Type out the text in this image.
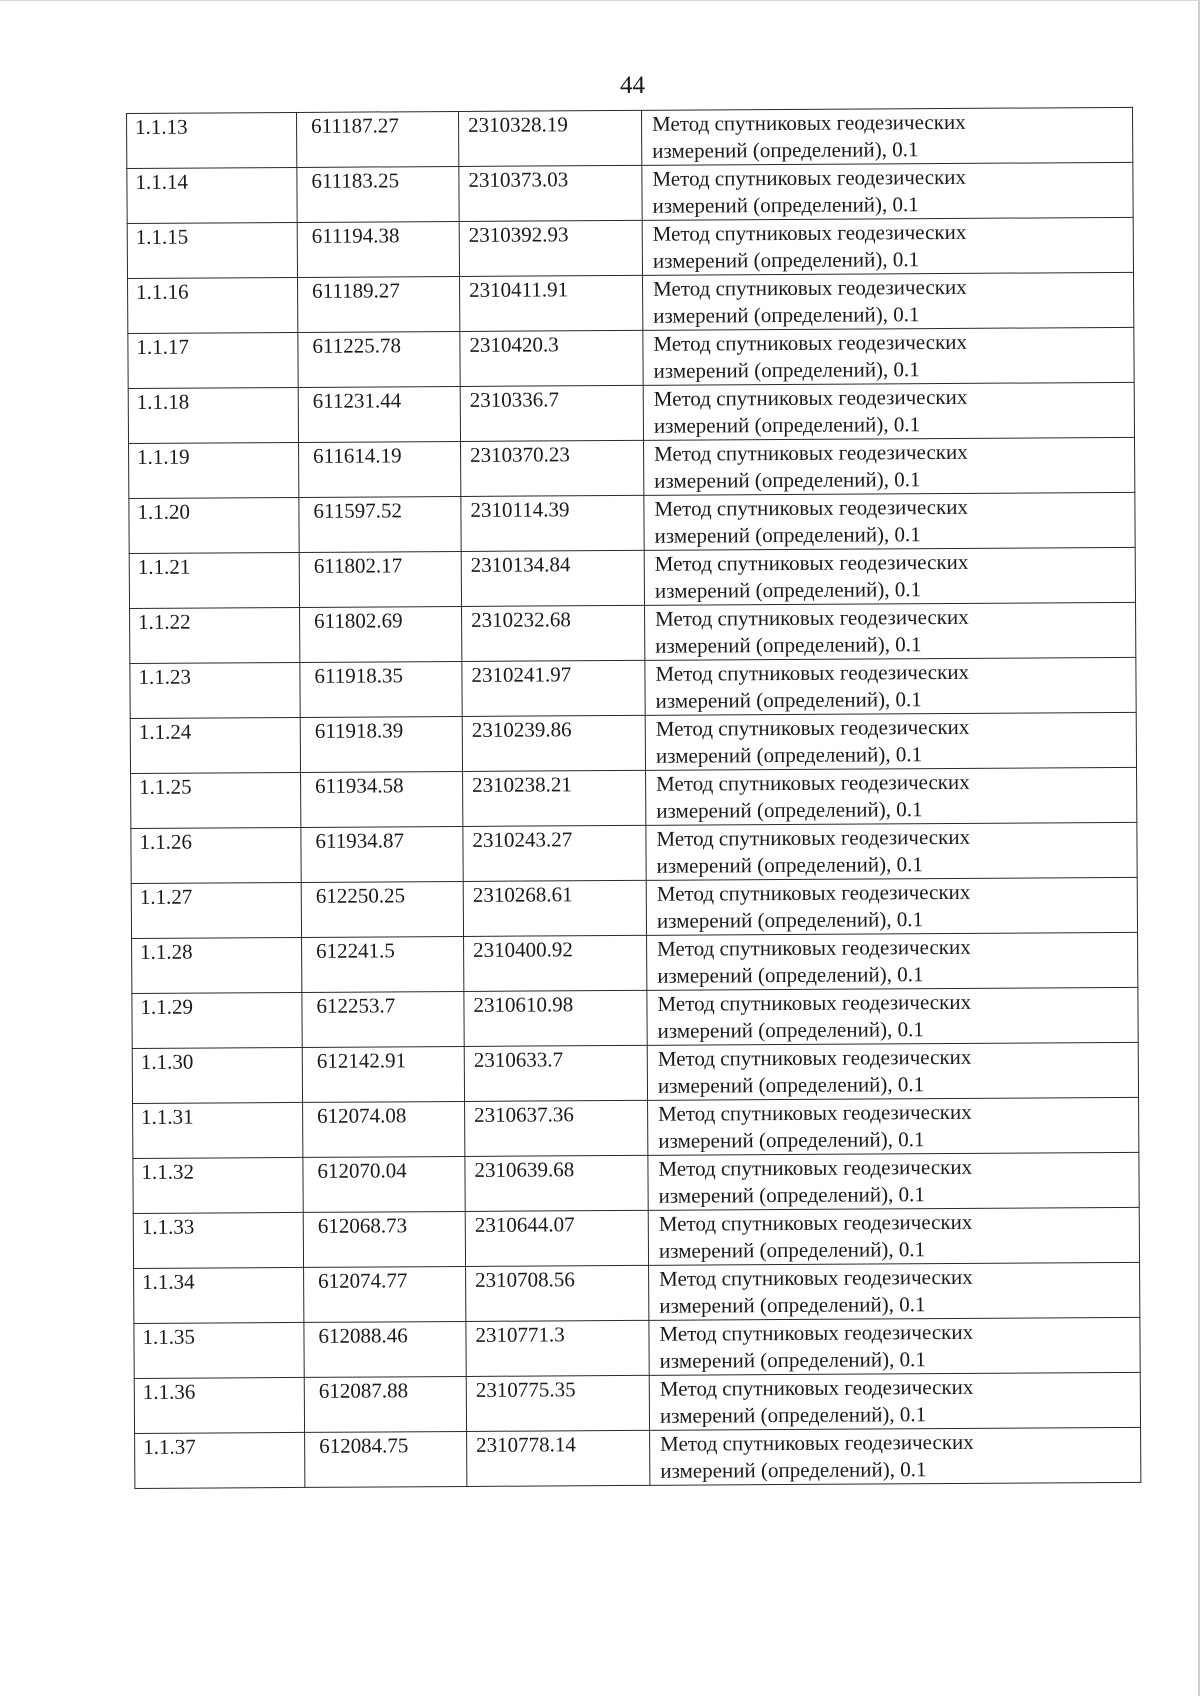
44
1.1.13	611187.27	2310328.19	Метод спутниковых геодезических
измерений (определений), 0.1

1.1.14	611183.25	2310373.03	Метод спутниковых геодезических
измерений (определений), 0.1

1.1.15	611194.38	2310392.93	Метод спутниковых геодезических
измерений (определений), 0.1

1.1.16	611189.27	2310411.91	Метод спутниковых геодезических
измерений (определений), 0.1

1.1.17	611225.78	2310420.3	Метод спутниковых геодезических
измерений (определений), 0.1

1.1.18	611231.44	2310336.7	Метод спутниковых геодезических
измерений (определений), 0.1

1.1.19	611614.19	2310370.23	Метод спутниковых геодезических
измерений (определений), 0.1

1.1.20	611597.52	2310114.39	Метод спутниковых геодезических
измерений (определений), 0.1

1.1.21	611802.17	2310134.84	Метод спутниковых геодезических
измерений (определений), 0.1

1.1.22	611802.69	2310232.68	Метод спутниковых геодезических
измерений (определений), 0.1

1.1.23	611918.35	2310241.97	Метод спутниковых геодезических
измерений (определений), 0.1

1.1.24	611918.39	2310239.86	Метод спутниковых геодезических
измерений (определений), 0.1

1.1.25	611934.58	2310238.21	Метод спутниковых геодезических
измерений (определений), 0.1

1.1.26	611934.87	2310243.27	Метод спутниковых геодезических
измерений (определений), 0.1

1.1.27	612250.25	2310268.61	Метод спутниковых геодезических
измерений (определений), 0.1

1.1.28	612241.5	2310400.92	Метод спутниковых геодезических
измерений (определений), 0.1

1.1.29	612253.7	2310610.98	Метод спутниковых геодезических
измерений (определений), 0.1

1.1.30	612142.91	2310633.7	Метод спутниковых геодезических
измерений (определений), 0.1

1.1.31	612074.08	2310637.36	Метод спутниковых геодезических
измерений (определений), 0.1

1.1.32	612070.04	2310639.68	Метод спутниковых геодезических
измерений (определений), 0.1

1.1.33	612068.73	2310644.07	Метод спутниковых геодезических
измерений (определений), 0.1

1.1.34	612074.77	2310708.56	Метод спутниковых геодезических
измерений (определений), 0.1

1.1.35	612088.46	2310771.3	Метод спутниковых геодезических
измерений (определений), 0.1

1.1.36	612087.88	2310775.35	Метод спутниковых геодезических
измерений (определений), 0.1

1.1.37	612084.75	2310778.14	Метод спутниковых геодезических
измерений (определений), 0.1
